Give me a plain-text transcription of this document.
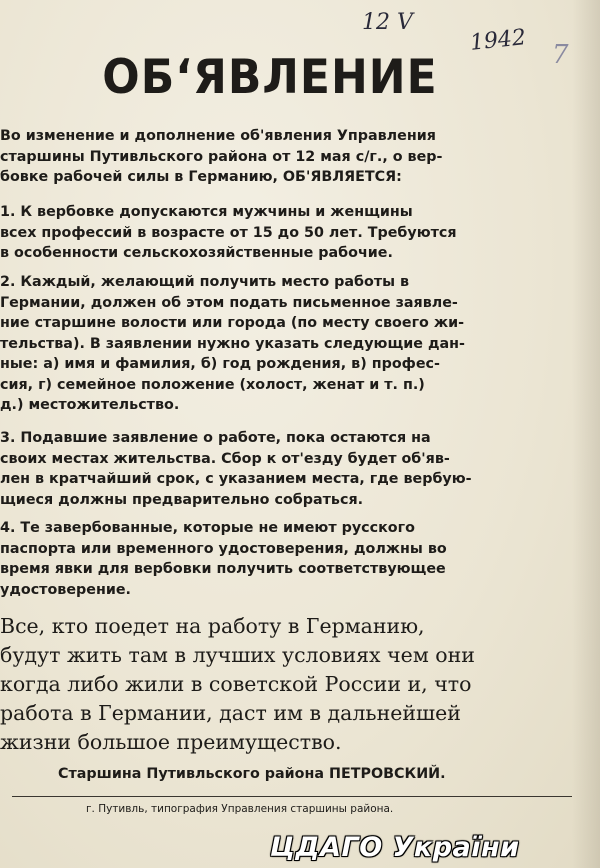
12 V
1942 7
ОБ‘ЯВЛЕНИЕ
Во изменение и дополнение об'явления Управления
старшины Путивльского района от 12 мая с/г., о вер-
бовке рабочей силы в Германию, ОБ'ЯВЛЯЕТСЯ:
1. К вербовке допускаются мужчины и женщины
всех профессий в возрасте от 15 до 50 лет. Требуются
в особенности сельскохозяйственные рабочие.
2. Каждый, желающий получить место работы в
Германии, должен об этом подать письменное заявле-
ние старшине волости или города (по месту своего жи-
тельства). В заявлении нужно указать следующие дан-
ные: а) имя и фамилия, б) год рождения, в) профес-
сия, г) семейное положение (холост, женат и т. п.)
д.) местожительство.
3. Подавшие заявление о работе, пока остаются на
своих местах жительства. Сбор к от'езду будет об'яв-
лен в кратчайший срок, с указанием места, где вербую-
щиеся должны предварительно собраться.
4. Те завербованные, которые не имеют русского
паспорта или временного удостоверения, должны во
время явки для вербовки получить соответствующее
удостоверение.
Все, кто поедет на работу в Германию,
будут жить там в лучших условиях чем они
когда либо жили в советской России и, что
работа в Германии, даст им в дальнейшей
жизни большое преимущество.
Старшина Путивльского района ПЕТРОВСКИЙ.
г. Путивль, типография Управления старшины района.
ЦДАГО України
